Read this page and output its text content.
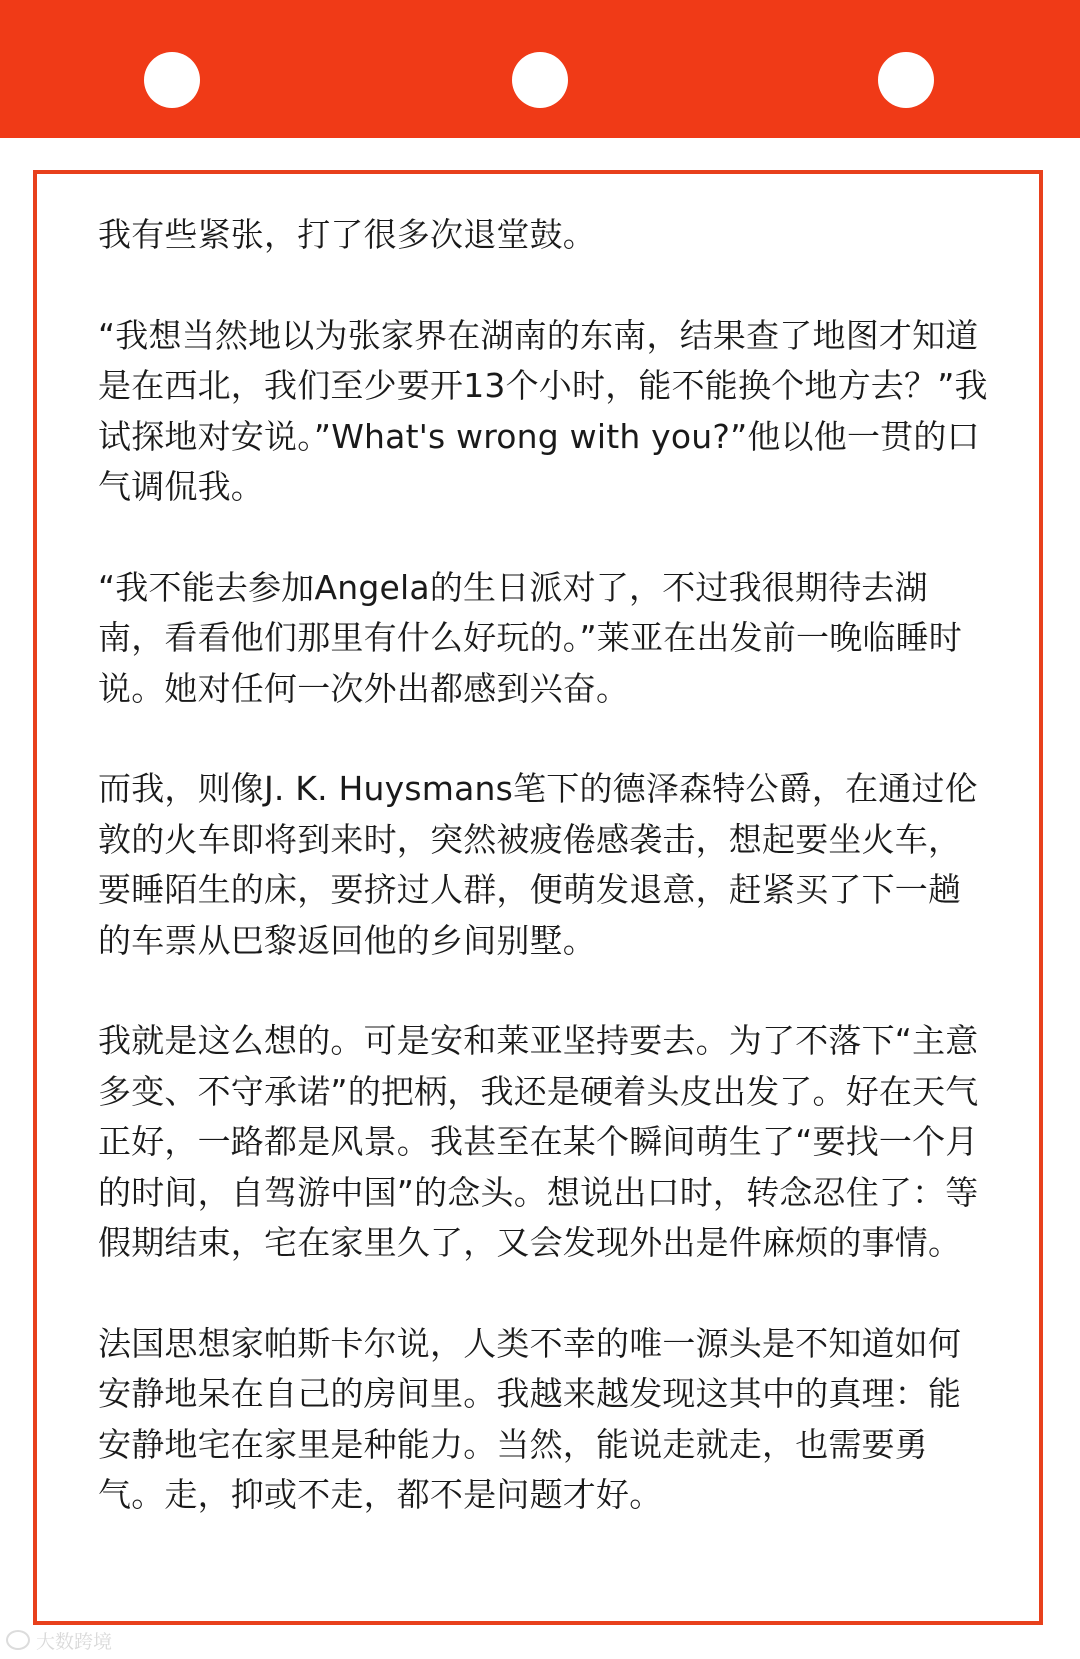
我有些紧张，打了很多次退堂鼓。

“我想当然地以为张家界在湖南的东南，结果查了地图才知道是在西北，我们至少要开13个小时，能不能换个地方去？”我试探地对安说。”What's wrong with you?”他以他一贯的口气调侃我。

“我不能去参加Angela的生日派对了，不过我很期待去湖南，看看他们那里有什么好玩的。”莱亚在出发前一晚临睡时说。她对任何一次外出都感到兴奋。

而我，则像J. K. Huysmans笔下的德泽森特公爵，在通过伦敦的火车即将到来时，突然被疲倦感袭击，想起要坐火车，要睡陌生的床，要挤过人群，便萌发退意，赶紧买了下一趟的车票从巴黎返回他的乡间别墅。

我就是这么想的。可是安和莱亚坚持要去。为了不落下“主意多变、不守承诺”的把柄，我还是硬着头皮出发了。好在天气正好，一路都是风景。我甚至在某个瞬间萌生了“要找一个月的时间，自驾游中国”的念头。想说出口时，转念忍住了：等假期结束，宅在家里久了，又会发现外出是件麻烦的事情。

法国思想家帕斯卡尔说，人类不幸的唯一源头是不知道如何安静地呆在自己的房间里。我越来越发现这其中的真理：能安静地宅在家里是种能力。当然，能说走就走，也需要勇气。走，抑或不走，都不是问题才好。

大数跨境
